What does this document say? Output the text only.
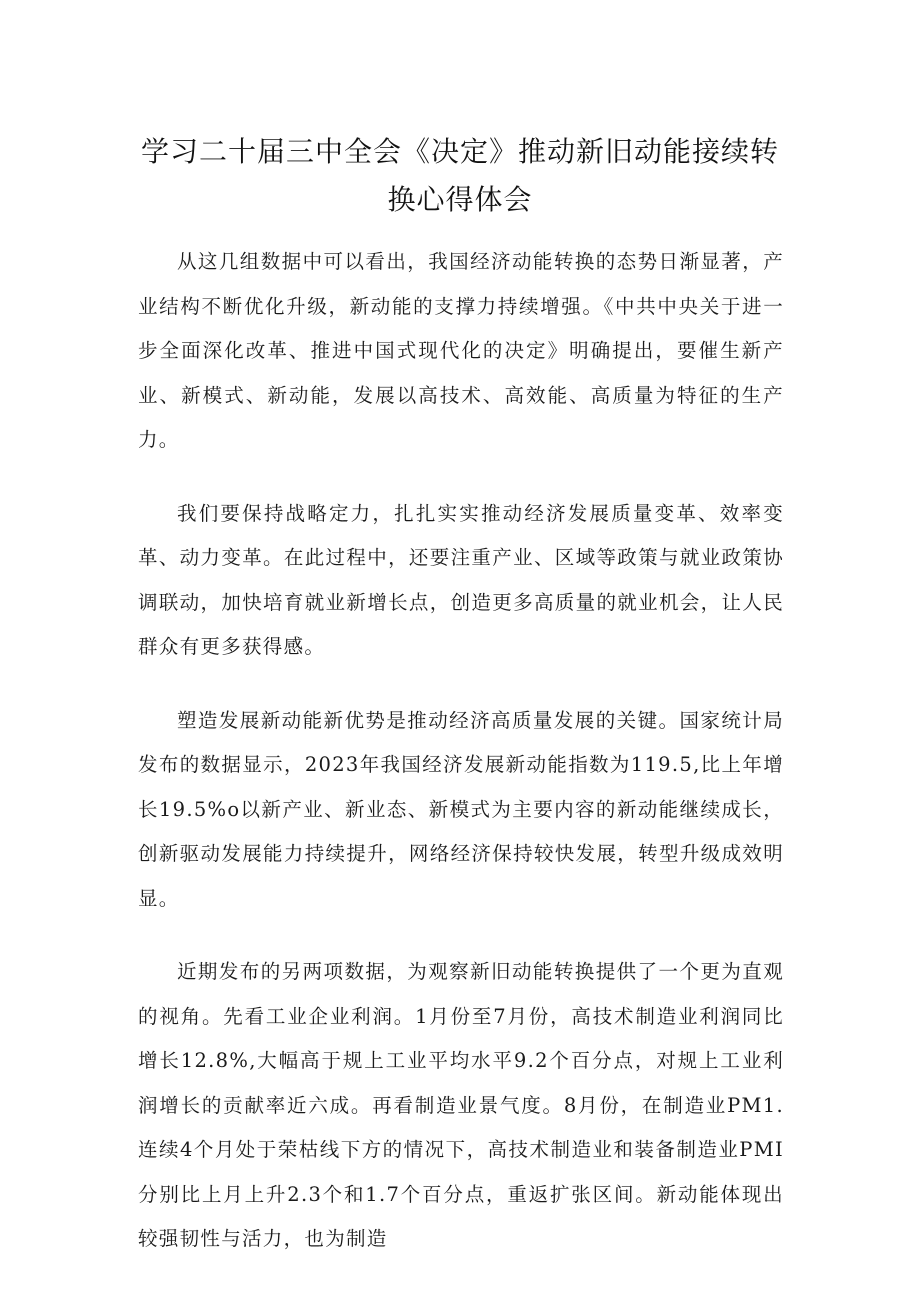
学习二十届三中全会《决定》推动新旧动能接续转换心得体会

从这几组数据中可以看出，我国经济动能转换的态势日渐显著，产业结构不断优化升级，新动能的支撑力持续增强。《中共中央关于进一步全面深化改革、推进中国式现代化的决定》明确提出，要催生新产业、新模式、新动能，发展以高技术、高效能、高质量为特征的生产力。

我们要保持战略定力，扎扎实实推动经济发展质量变革、效率变革、动力变革。在此过程中，还要注重产业、区域等政策与就业政策协调联动，加快培育就业新增长点，创造更多高质量的就业机会，让人民群众有更多获得感。

塑造发展新动能新优势是推动经济高质量发展的关键。国家统计局发布的数据显示，2023年我国经济发展新动能指数为119.5,比上年增长19.5%o以新产业、新业态、新模式为主要内容的新动能继续成长，创新驱动发展能力持续提升，网络经济保持较快发展，转型升级成效明显。

近期发布的另两项数据，为观察新旧动能转换提供了一个更为直观的视角。先看工业企业利润。1月份至7月份，高技术制造业利润同比增长12.8%,大幅高于规上工业平均水平9.2个百分点，对规上工业利润增长的贡献率近六成。再看制造业景气度。8月份，在制造业PM1.连续4个月处于荣枯线下方的情况下，高技术制造业和装备制造业PMI分别比上月上升2.3个和1.7个百分点，重返扩张区间。新动能体现出较强韧性与活力，也为制造
